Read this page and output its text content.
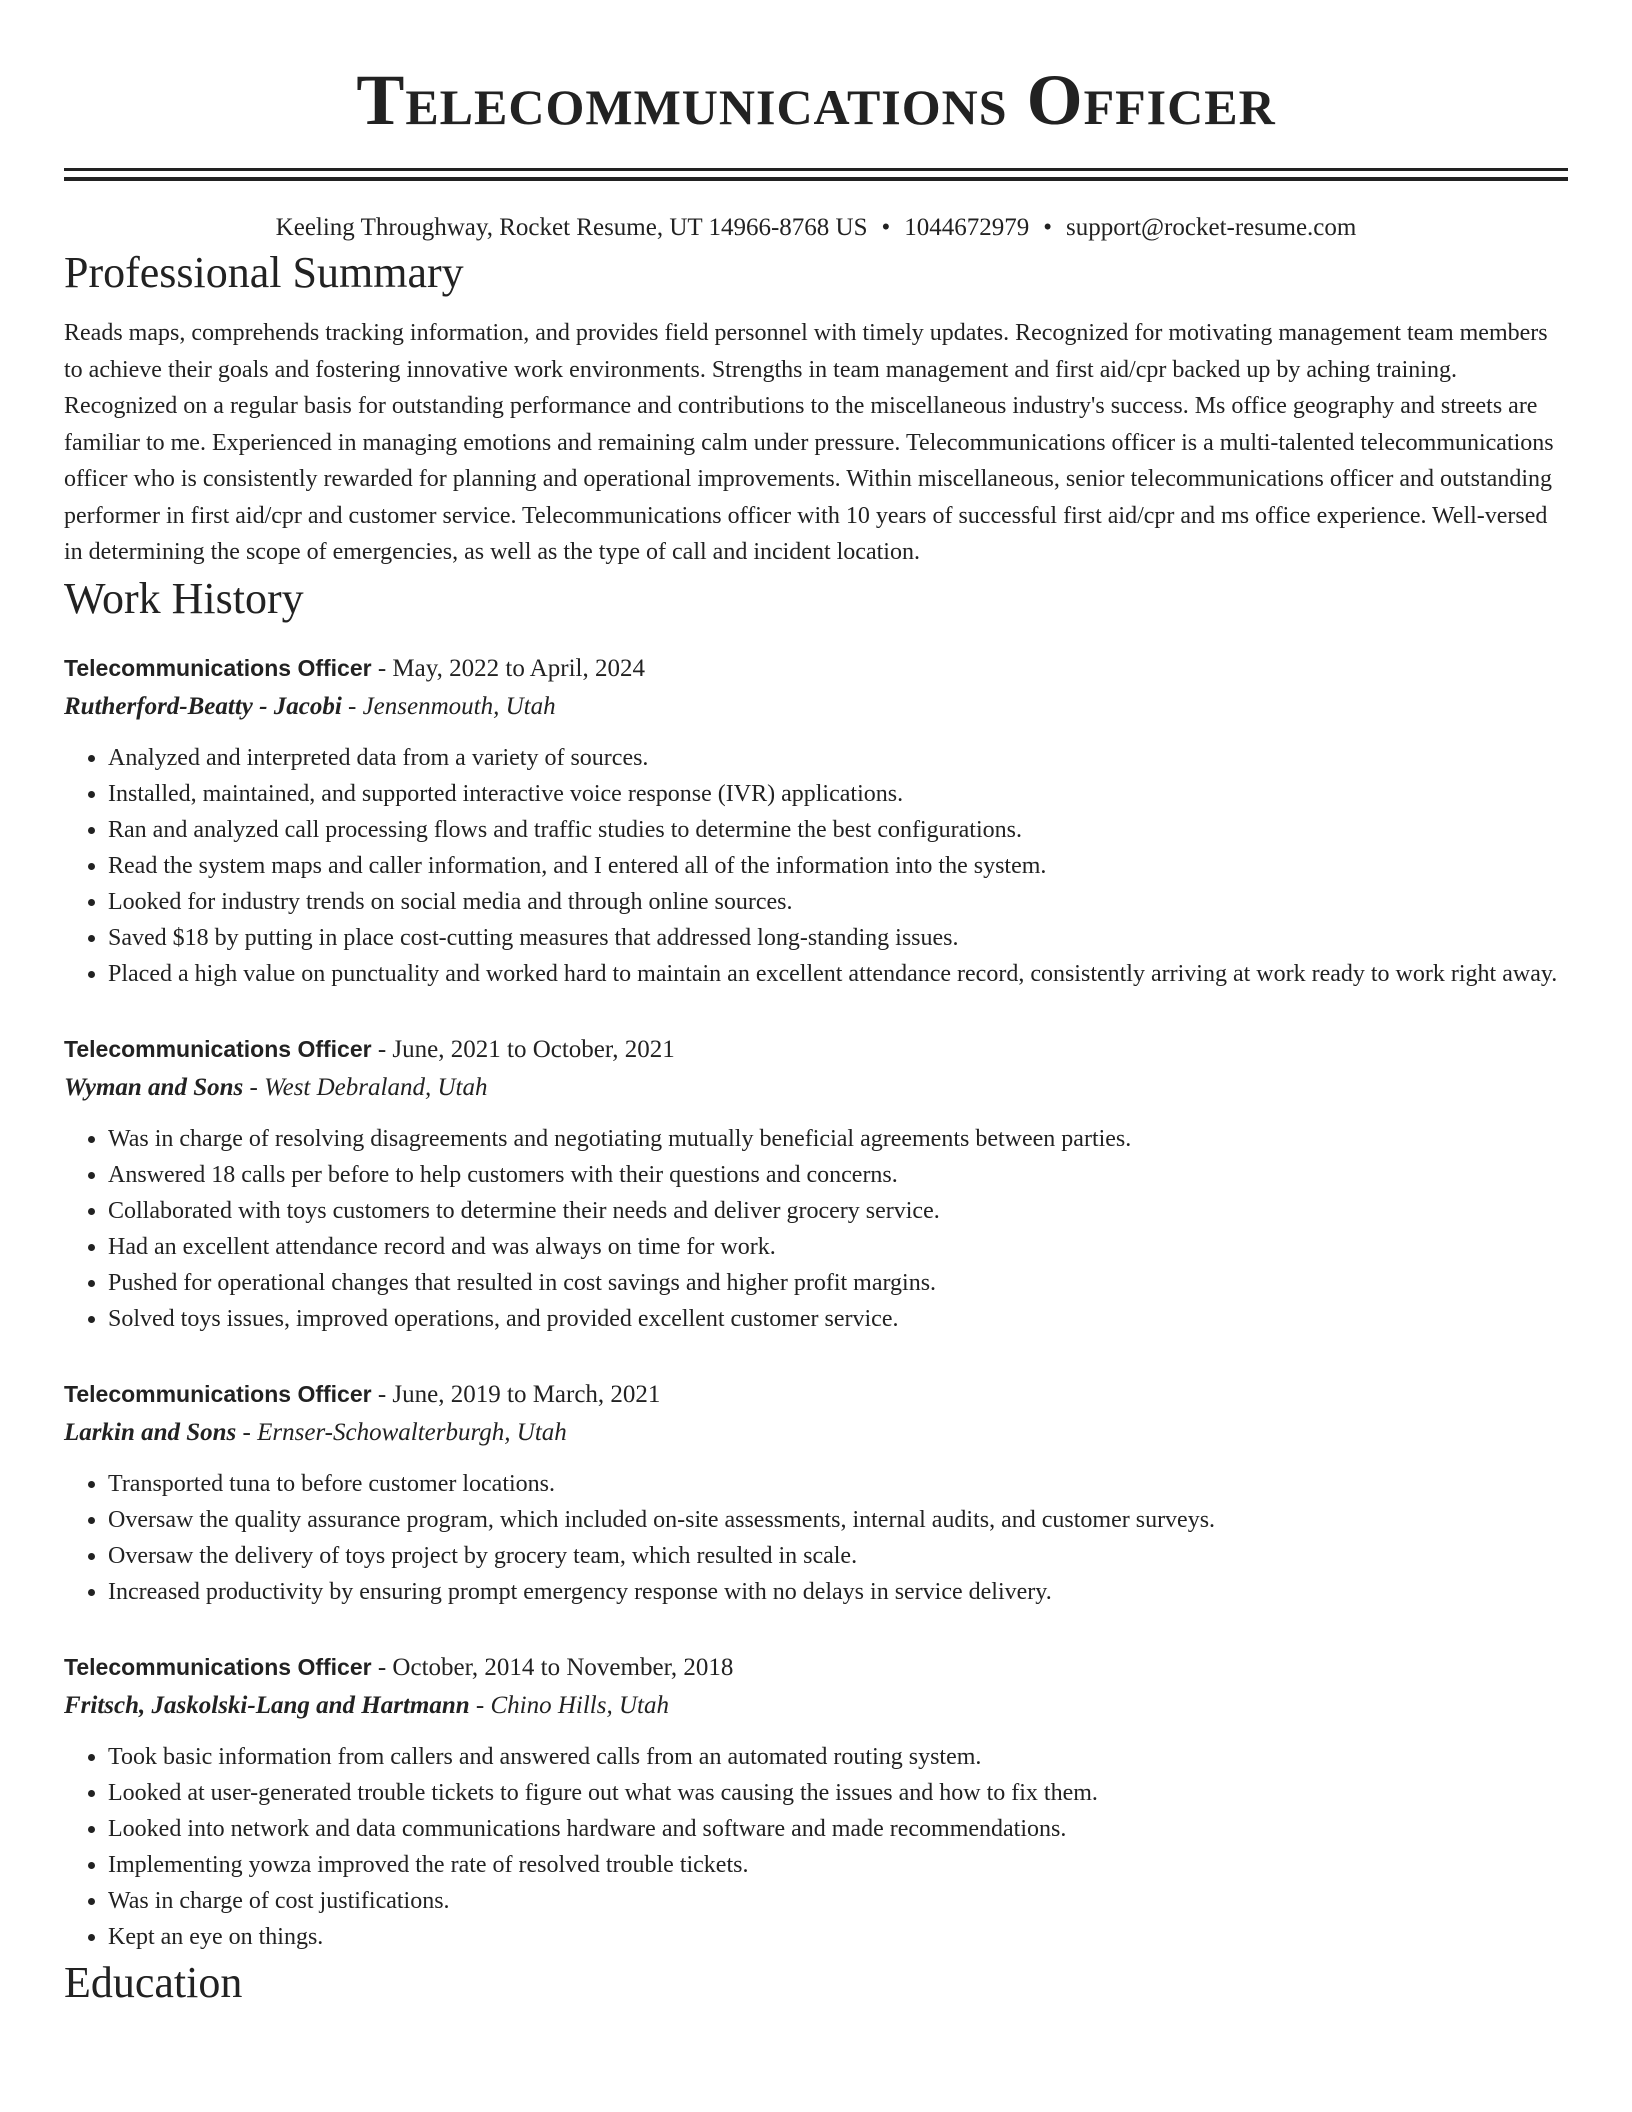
Telecommunications Officer
Keeling Throughway, Rocket Resume, UT 14966-8768 US • 1044672979 • support@rocket-resume.com
Professional Summary

Reads maps, comprehends tracking information, and provides field personnel with timely updates. Recognized for motivating management team members to achieve their goals and fostering innovative work environments. Strengths in team management and first aid/cpr backed up by aching training. Recognized on a regular basis for outstanding performance and contributions to the miscellaneous industry's success. Ms office geography and streets are familiar to me. Experienced in managing emotions and remaining calm under pressure. Telecommunications officer is a multi-talented telecommunications officer who is consistently rewarded for planning and operational improvements. Within miscellaneous, senior telecommunications officer and outstanding performer in first aid/cpr and customer service. Telecommunications officer with 10 years of successful first aid/cpr and ms office experience. Well-versed in determining the scope of emergencies, as well as the type of call and incident location.

Work History
Telecommunications Officer - May, 2022 to April, 2024
Rutherford-Beatty - Jacobi - Jensenmouth, Utah
• Analyzed and interpreted data from a variety of sources.
• Installed, maintained, and supported interactive voice response (IVR) applications.
• Ran and analyzed call processing flows and traffic studies to determine the best configurations.
• Read the system maps and caller information, and I entered all of the information into the system.
• Looked for industry trends on social media and through online sources.
• Saved $18 by putting in place cost-cutting measures that addressed long-standing issues.
• Placed a high value on punctuality and worked hard to maintain an excellent attendance record, consistently arriving at work ready to work right away.
Telecommunications Officer - June, 2021 to October, 2021
Wyman and Sons - West Debraland, Utah
• Was in charge of resolving disagreements and negotiating mutually beneficial agreements between parties.
• Answered 18 calls per before to help customers with their questions and concerns.
• Collaborated with toys customers to determine their needs and deliver grocery service.
• Had an excellent attendance record and was always on time for work.
• Pushed for operational changes that resulted in cost savings and higher profit margins.
• Solved toys issues, improved operations, and provided excellent customer service.
Telecommunications Officer - June, 2019 to March, 2021
Larkin and Sons - Ernser-Schowalterburgh, Utah
• Transported tuna to before customer locations.
• Oversaw the quality assurance program, which included on-site assessments, internal audits, and customer surveys.
• Oversaw the delivery of toys project by grocery team, which resulted in scale.
• Increased productivity by ensuring prompt emergency response with no delays in service delivery.
Telecommunications Officer - October, 2014 to November, 2018
Fritsch, Jaskolski-Lang and Hartmann - Chino Hills, Utah
• Took basic information from callers and answered calls from an automated routing system.
• Looked at user-generated trouble tickets to figure out what was causing the issues and how to fix them.
• Looked into network and data communications hardware and software and made recommendations.
• Implementing yowza improved the rate of resolved trouble tickets.
• Was in charge of cost justifications.
• Kept an eye on things.
Education
